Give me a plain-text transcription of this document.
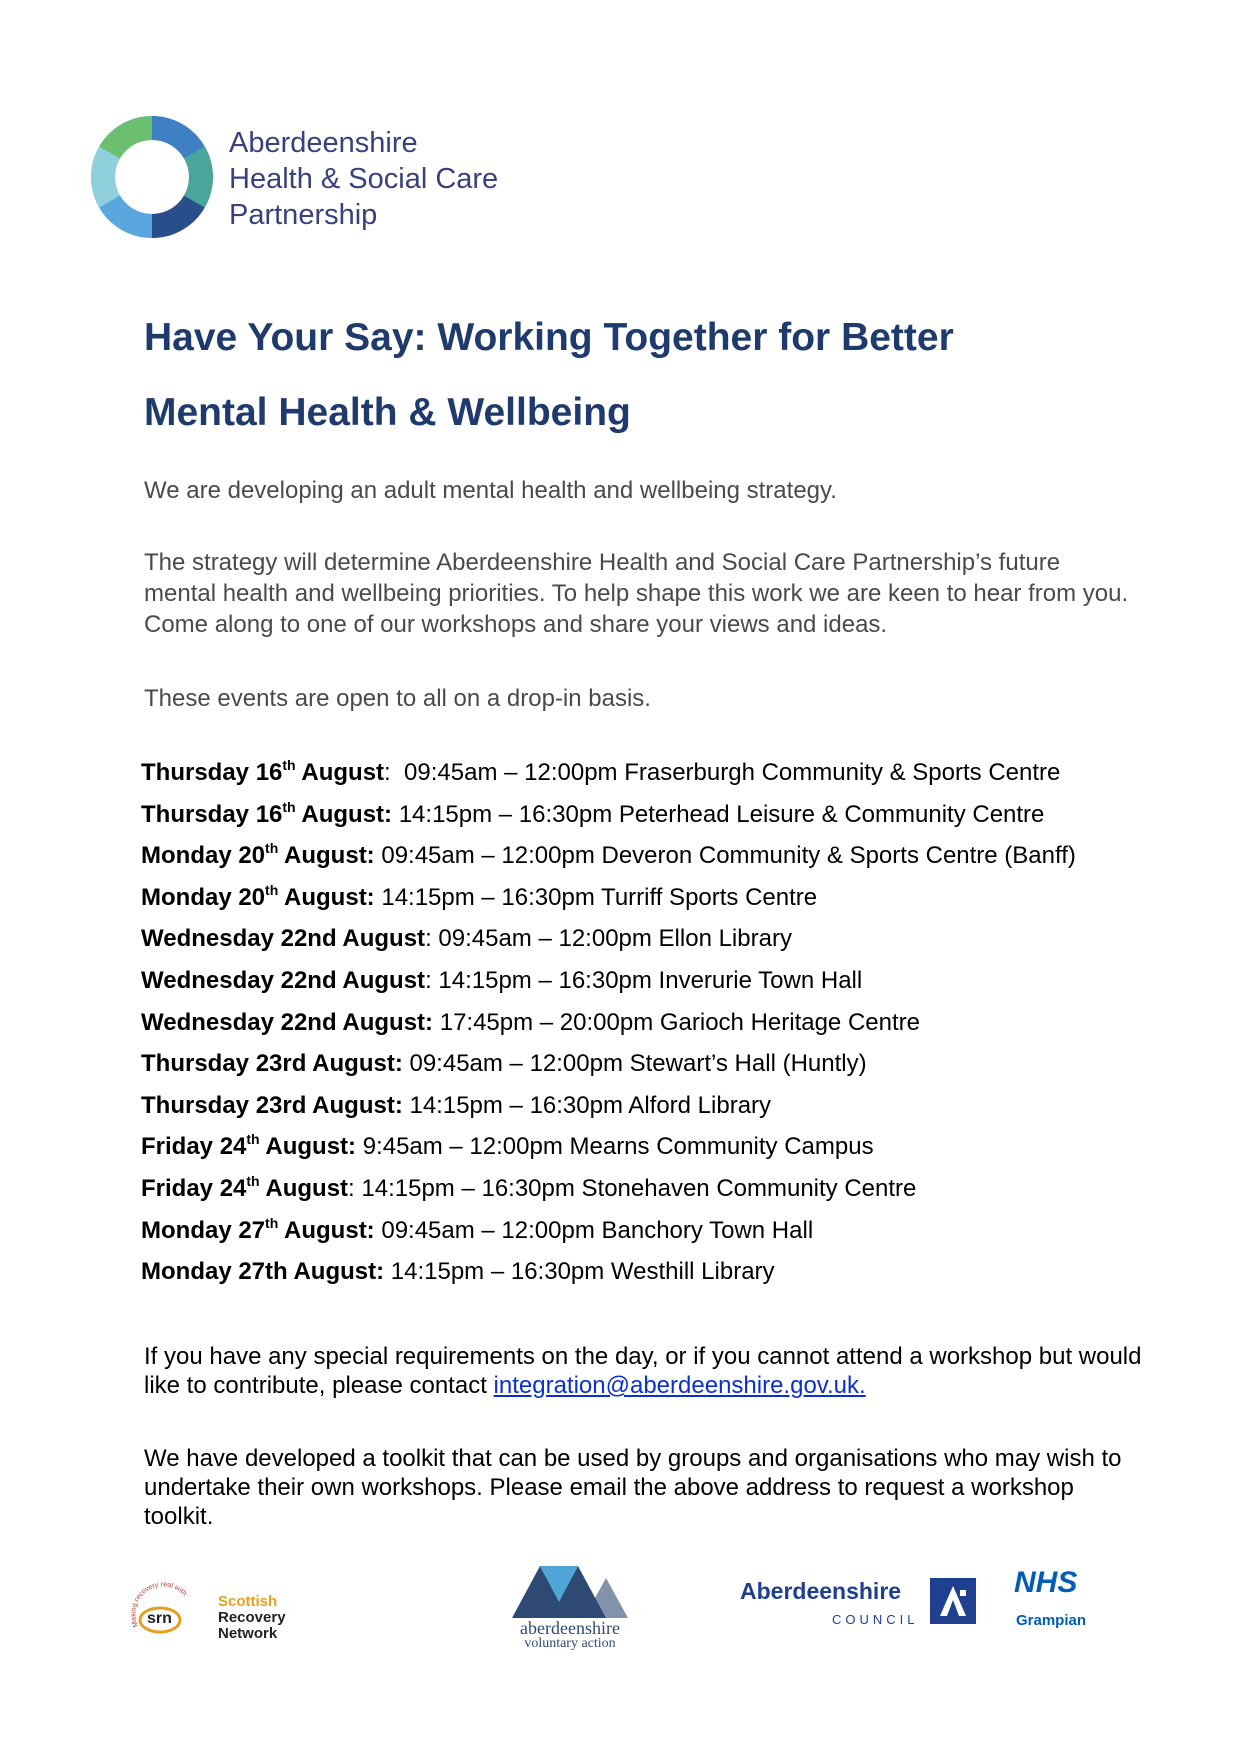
Aberdeenshire
Health & Social Care
Partnership
Have Your Say: Working Together for Better
Mental Health & Wellbeing

We are developing an adult mental health and wellbeing strategy.

The strategy will determine Aberdeenshire Health and Social Care Partnership’s future mental health and wellbeing priorities. To help shape this work we are keen to hear from you. Come along to one of our workshops and share your views and ideas.

These events are open to all on a drop-in basis.

Thursday 16th August:  09:45am – 12:00pm Fraserburgh Community & Sports Centre
Thursday 16th August: 14:15pm – 16:30pm Peterhead Leisure & Community Centre
Monday 20th August: 09:45am – 12:00pm Deveron Community & Sports Centre (Banff)
Monday 20th August: 14:15pm – 16:30pm Turriff Sports Centre
Wednesday 22nd August: 09:45am – 12:00pm Ellon Library
Wednesday 22nd August: 14:15pm – 16:30pm Inverurie Town Hall
Wednesday 22nd August: 17:45pm – 20:00pm Garioch Heritage Centre
Thursday 23rd August: 09:45am – 12:00pm Stewart’s Hall (Huntly)
Thursday 23rd August: 14:15pm – 16:30pm Alford Library
Friday 24th August: 9:45am – 12:00pm Mearns Community Campus
Friday 24th August: 14:15pm – 16:30pm Stonehaven Community Centre
Monday 27th August: 09:45am – 12:00pm Banchory Town Hall
Monday 27th August: 14:15pm – 16:30pm Westhill Library

If you have any special requirements on the day, or if you cannot attend a workshop but would like to contribute, please contact integration@aberdeenshire.gov.uk.

We have developed a toolkit that can be used by groups and organisations who may wish to undertake their own workshops. Please email the above address to request a workshop toolkit.

Making recovery real with
srn
Scottish
Recovery
Network	aberdeenshire
voluntary action
Aberdeenshire
COUNCIL
NHS
Grampian
